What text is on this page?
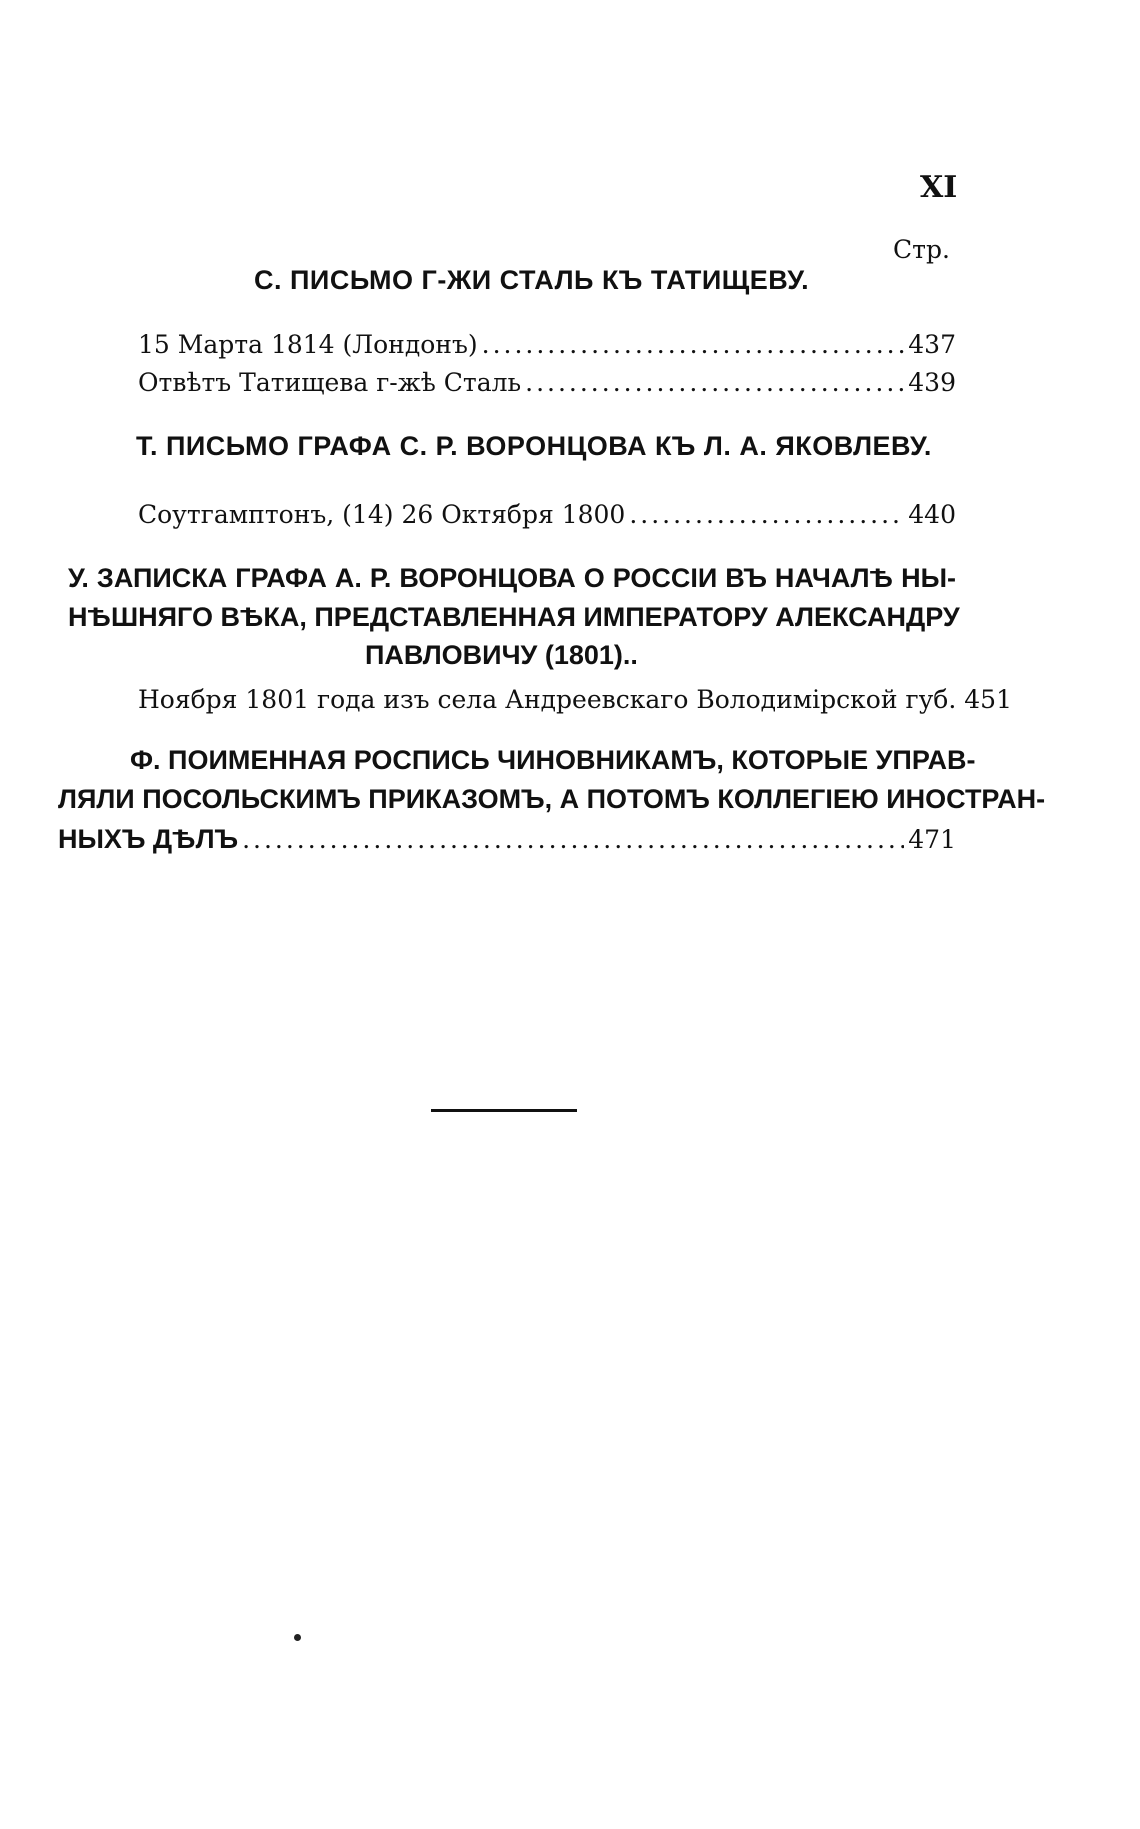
XI
Стр.
С. ПИСЬМО Г-ЖИ СТАЛЬ КЪ ТАТИЩЕВУ.
15 Марта 1814 (Лондонъ) .....	437
Отвѣтъ Татищева г-жѣ Сталь .....	439
Т. ПИСЬМО ГРАФА С. Р. ВОРОНЦОВА КЪ Л. А. ЯКОВЛЕВУ.
Соутгамптонъ, (14) 26 Октября 1800 .....	440
У. ЗАПИСКА ГРАФА А. Р. ВОРОНЦОВА О РОССІИ ВЪ НАЧАЛѢ НЫ-
НѢШНЯГО ВѢКА, ПРЕДСТАВЛЕННАЯ ИМПЕРАТОРУ АЛЕКСАНДРУ
ПАВЛОВИЧУ (1801)..
Ноября 1801 года изъ села Андреевскаго Володимірской губ. 451
Ф. ПОИМЕННАЯ РОСПИСЬ ЧИНОВНИКАМЪ, КОТОРЫЕ УПРАВ-
ЛЯЛИ ПОСОЛЬСКИМЪ ПРИКАЗОМЪ, А ПОТОМЪ КОЛЛЕГІЕЮ ИНОСТРАН-
НЫХЪ ДѢЛЪ .....	471
